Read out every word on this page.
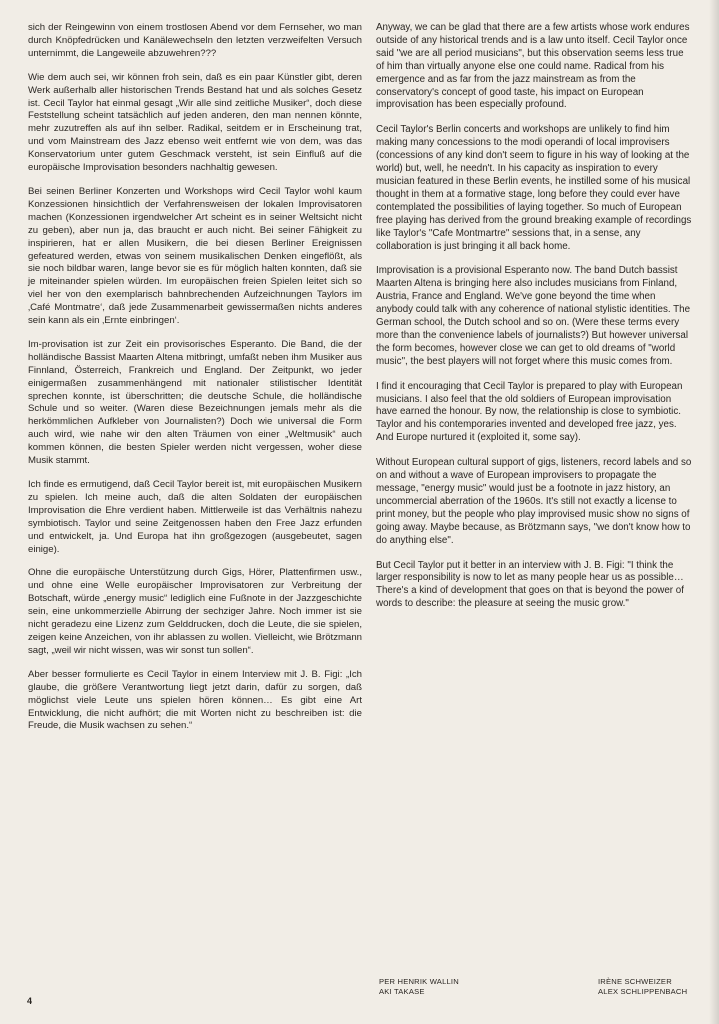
sich der Reingewinn von einem trostlosen Abend vor dem Fernseher, wo man durch Knöpfedrücken und Kanälewechseln den letzten verzweifelten Versuch unternimmt, die Langeweile abzuwehren???

Wie dem auch sei, wir können froh sein, daß es ein paar Künstler gibt, deren Werk außerhalb aller historischen Trends Bestand hat und als solches Gesetz ist. Cecil Taylor hat einmal gesagt „Wir alle sind zeitliche Musiker“, doch diese Feststellung scheint tatsächlich auf jeden anderen, den man nennen könnte, mehr zuzutreffen als auf ihn selber. Radikal, seitdem er in Erscheinung trat, und vom Mainstream des Jazz ebenso weit entfernt wie von dem, was das Konservatorium unter gutem Geschmack versteht, ist sein Einfluß auf die europäische Improvisation besonders nachhaltig gewesen.

Bei seinen Berliner Konzerten und Workshops wird Cecil Taylor wohl kaum Konzessionen hinsichtlich der Verfahrensweisen der lokalen Improvisatoren machen (Konzessionen irgendwelcher Art scheint es in seiner Weltsicht nicht zu geben), aber nun ja, das braucht er auch nicht. Bei seiner Fähigkeit zu inspirieren, hat er allen Musikern, die bei diesen Berliner Ereignissen gefeatured werden, etwas von seinem musikalischen Denken eingeflößt, als sie noch bildbar waren, lange bevor sie es für möglich halten konnten, daß sie je miteinander spielen würden. Im europäischen freien Spielen leitet sich so viel her von den exemplarisch bahnbrechenden Aufzeichnungen Taylors im ‚Café Montmatre‘, daß jede Zusammenarbeit gewissermaßen nichts anderes sein kann als ein ‚Ernte einbringen‘.

Im-provisation ist zur Zeit ein provisorisches Esperanto. Die Band, die der holländische Bassist Maarten Altena mitbringt, umfaßt neben ihm Musiker aus Finnland, Österreich, Frankreich und England. Der Zeitpunkt, wo jeder einigermaßen zusammenhängend mit nationaler stilistischer Identität sprechen konnte, ist überschritten; die deutsche Schule, die holländische Schule und so weiter. (Waren diese Bezeichnungen jemals mehr als die herkömmlichen Aufkleber von Journalisten?) Doch wie universal die Form auch wird, wie nahe wir den alten Träumen von einer „Weltmusik“ auch kommen können, die besten Spieler werden nicht vergessen, woher diese Musik stammt.

Ich finde es ermutigend, daß Cecil Taylor bereit ist, mit europäischen Musikern zu spielen. Ich meine auch, daß die alten Soldaten der europäischen Improvisation die Ehre verdient haben. Mittlerweile ist das Verhältnis nahezu symbiotisch. Taylor und seine Zeitgenossen haben den Free Jazz erfunden und entwickelt, ja. Und Europa hat ihn großgezogen (ausgebeutet, sagen einige).

Ohne die europäische Unterstützung durch Gigs, Hörer, Plattenfirmen usw., und ohne eine Welle europäischer Improvisatoren zur Verbreitung der Botschaft, würde „energy music“ lediglich eine Fußnote in der Jazzgeschichte sein, eine unkommerzielle Abirrung der sechziger Jahre. Noch immer ist sie nicht geradezu eine Lizenz zum Gelddrucken, doch die Leute, die sie spielen, zeigen keine Anzeichen, von ihr ablassen zu wollen. Vielleicht, wie Brötzmann sagt, „weil wir nicht wissen, was wir sonst tun sollen“.

Aber besser formulierte es Cecil Taylor in einem Interview mit J. B. Figi: „Ich glaube, die größere Verantwortung liegt jetzt darin, dafür zu sorgen, daß möglichst viele Leute uns spielen hören können… Es gibt eine Art Entwicklung, die nicht aufhört; die mit Worten nicht zu beschreiben ist: die Freude, die Musik wachsen zu sehen.“

Anyway, we can be glad that there are a few artists whose work endures outside of any historical trends and is a law unto itself. Cecil Taylor once said "we are all period musicians", but this observation seems less true of him than virtually anyone else one could name. Radical from his emergence and as far from the jazz mainstream as from the conservatory's concept of good taste, his impact on European improvisation has been especially profound.

Cecil Taylor's Berlin concerts and workshops are unlikely to find him making many concessions to the modi operandi of local improvisers (concessions of any kind don't seem to figure in his way of looking at the world) but, well, he needn't. In his capacity as inspiration to every musician featured in these Berlin events, he instilled some of his musical thought in them at a formative stage, long before they could ever have contemplated the possibilities of laying together. So much of European free playing has derived from the ground breaking example of recordings like Taylor's "Cafe Montmartre" sessions that, in a sense, any collaboration is just bringing it all back home.

Improvisation is a provisional Esperanto now. The band Dutch bassist Maarten Altena is bringing here also includes musicians from Finland, Austria, France and England. We've gone beyond the time when anybody could talk with any coherence of national stylistic identities. The German school, the Dutch school and so on. (Were these terms every more than the convenience labels of journalists?) But however universal the form becomes, however close we can get to old dreams of "world music", the best players will not forget where this music comes from.

I find it encouraging that Cecil Taylor is prepared to play with European musicians. I also feel that the old soldiers of European improvisation have earned the honour. By now, the relationship is close to symbiotic. Taylor and his contemporaries invented and developed free jazz, yes. And Europe nurtured it (exploited it, some say).

Without European cultural support of gigs, listeners, record labels and so on and without a wave of European improvisers to propagate the message, "energy music" would just be a footnote in jazz history, an uncommercial aberration of the 1960s. It's still not exactly a license to print money, but the people who play improvised music show no signs of going away. Maybe because, as Brötzmann says, "we don't know how to do anything else".

But Cecil Taylor put it better in an interview with J. B. Figi: "I think the larger responsibility is now to let as many people hear us as possible… There's a kind of development that goes on that is beyond the power of words to describe: the pleasure at seeing the music grow."

4
PER HENRIK WALLIN
AKI TAKASE
IRÈNE SCHWEIZER
ALEX SCHLIPPENBACH
